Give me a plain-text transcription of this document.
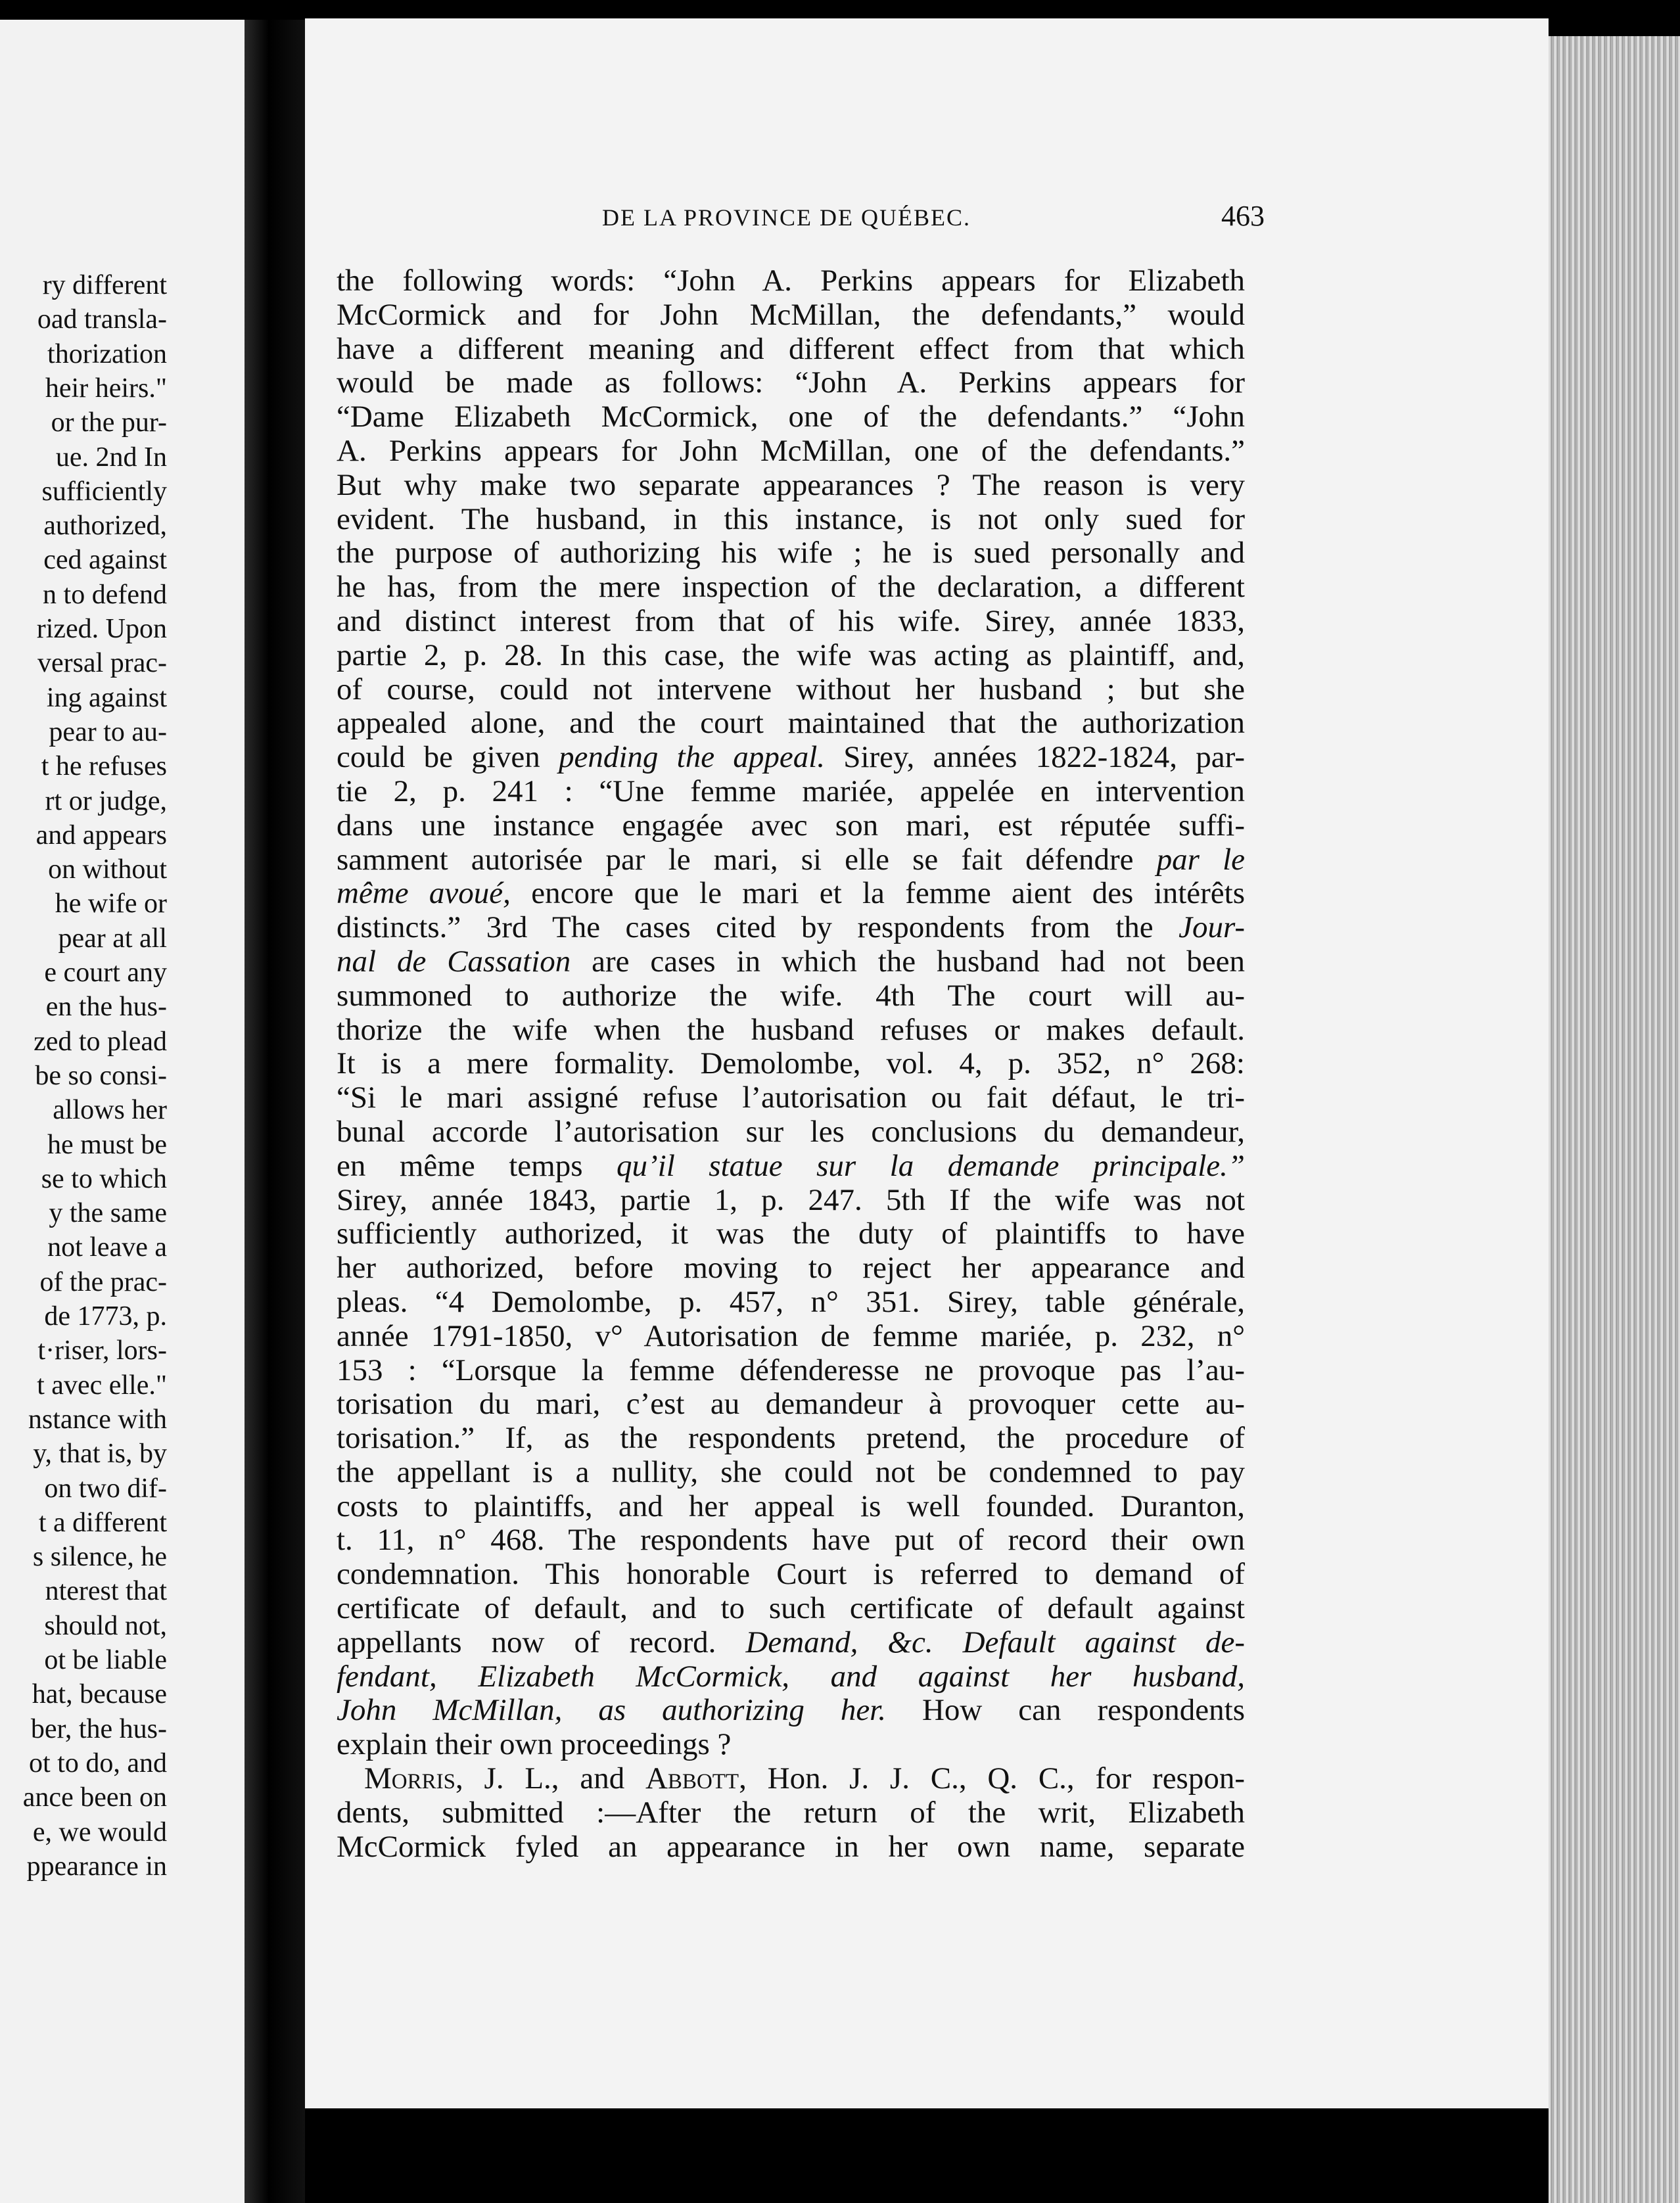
ry different
oad transla-
thorization
heir heirs."
or the pur-
ue. 2nd In
sufficiently
authorized,
ced against
n to defend
rized. Upon
versal prac-
ing against
pear to au-
t he refuses
rt or judge,
and appears
on without
he wife or
pear at all
e court any
en the hus-
zed to plead
be so consi-
allows her
he must be
se to which
y the same
not leave a
of the prac-
de 1773, p.
t·riser, lors-
t avec elle."
nstance with
y, that is, by
on two dif-
t a different
s silence, he
nterest that
should not,
ot be liable
hat, because
ber, the hus-
ot to do, and
ance been on
e, we would
ppearance in
DE LA PROVINCE DE QUÉBEC.	463
the following words: “John A. Perkins appears for Elizabeth
McCormick and for John McMillan, the defendants,” would
have a different meaning and different effect from that which
would be made as follows: “John A. Perkins appears for
“Dame Elizabeth McCormick, one of the defendants.” “John
A. Perkins appears for John McMillan, one of the defendants.”
But why make two separate appearances ? The reason is very
evident. The husband, in this instance, is not only sued for
the purpose of authorizing his wife ; he is sued personally and
he has, from the mere inspection of the declaration, a different
and distinct interest from that of his wife. Sirey, année 1833,
partie 2, p. 28. In this case, the wife was acting as plaintiff, and,
of course, could not intervene without her husband ; but she
appealed alone, and the court maintained that the authorization
could be given pending the appeal. Sirey, années 1822-1824, par-
tie 2, p. 241 : “Une femme mariée, appelée en intervention
dans une instance engagée avec son mari, est réputée suffi-
samment autorisée par le mari, si elle se fait défendre par le
même avoué, encore que le mari et la femme aient des intérêts
distincts.” 3rd The cases cited by respondents from the Jour-
nal de Cassation are cases in which the husband had not been
summoned to authorize the wife. 4th The court will au-
thorize the wife when the husband refuses or makes default.
It is a mere formality. Demolombe, vol. 4, p. 352, n° 268:
“Si le mari assigné refuse l’autorisation ou fait défaut, le tri-
bunal accorde l’autorisation sur les conclusions du demandeur,
en même temps qu’il statue sur la demande principale.”
Sirey, année 1843, partie 1, p. 247. 5th If the wife was not
sufficiently authorized, it was the duty of plaintiffs to have
her authorized, before moving to reject her appearance and
pleas. “4 Demolombe, p. 457, n° 351. Sirey, table générale,
année 1791-1850, v° Autorisation de femme mariée, p. 232, n°
153 : “Lorsque la femme défenderesse ne provoque pas l’au-
torisation du mari, c’est au demandeur à provoquer cette au-
torisation.” If, as the respondents pretend, the procedure of
the appellant is a nullity, she could not be condemned to pay
costs to plaintiffs, and her appeal is well founded. Duranton,
t. 11, n° 468. The respondents have put of record their own
condemnation. This honorable Court is referred to demand of
certificate of default, and to such certificate of default against
appellants now of record. Demand, &c. Default against de-
fendant, Elizabeth McCormick, and against her husband,
John McMillan, as authorizing her. How can respondents
explain their own proceedings ?
Morris, J. L., and Abbott, Hon. J. J. C., Q. C., for respon-
dents, submitted :—After the return of the writ, Elizabeth
McCormick fyled an appearance in her own name, separate
